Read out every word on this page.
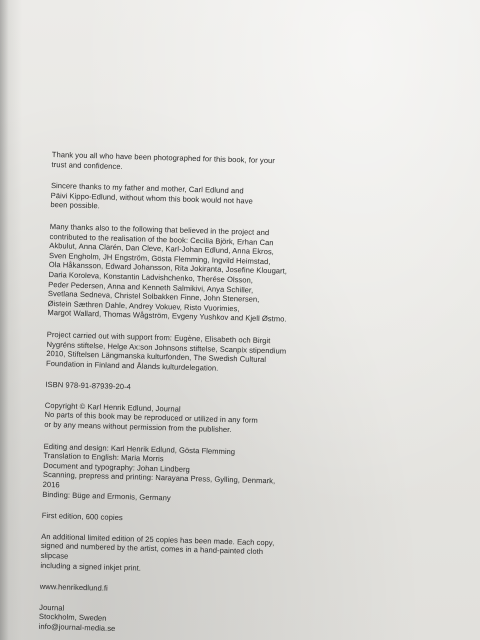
Thank you all who have been photographed for this book, for your
trust and confidence.

Sincere thanks to my father and mother, Carl Edlund and
Päivi Kippo-Edlund, without whom this book would not have
been possible.

Many thanks also to the following that believed in the project and
contributed to the realisation of the book: Cecilia Björk, Erhan Can
Akbulut, Anna Clarén, Dan Cleve, Karl-Johan Edlund, Anna Ekros,
Sven Engholm, JH Engström, Gösta Flemming, Ingvild Heimstad,
Ola Håkansson, Edward Johansson, Rita Jokiranta, Josefine Klougart,
Daria Koroleva, Konstantin Ladvishchenko, Therése Olsson,
Peder Pedersen, Anna and Kenneth Salmikivi, Anya Schiller,
Svetlana Sedneva, Christel Solbakken Finne, John Stenersen,
Øistein Sæthren Dahle, Andrey Vokuev, Risto Vuorimies,
Margot Wallard, Thomas Wågström, Evgeny Yushkov and Kjell Østmo.

Project carried out with support from: Eugène, Elisabeth och Birgit
Nygréns stiftelse, Helge Ax:son Johnsons stiftelse, Scanpix stipendium
2010, Stiftelsen Längmanska kulturfonden, The Swedish Cultural
Foundation in Finland and Ålands kulturdelegation.

ISBN 978-91-87939-20-4

Copyright © Karl Henrik Edlund, Journal
No parts of this book may be reproduced or utilized in any form
or by any means without permission from the publisher.

Editing and design: Karl Henrik Edlund, Gösta Flemming
Translation to English: Maria Morris
Document and typography: Johan Lindberg
Scanning, prepress and printing: Narayana Press, Gylling, Denmark, 2016
Binding: Büge and Ermonis, Germany

First edition, 600 copies

An additional limited edition of 25 copies has been made. Each copy,
signed and numbered by the artist, comes in a hand-painted cloth slipcase
including a signed inkjet print.

www.henrikedlund.fi

Journal
Stockholm, Sweden
info@journal-media.se
